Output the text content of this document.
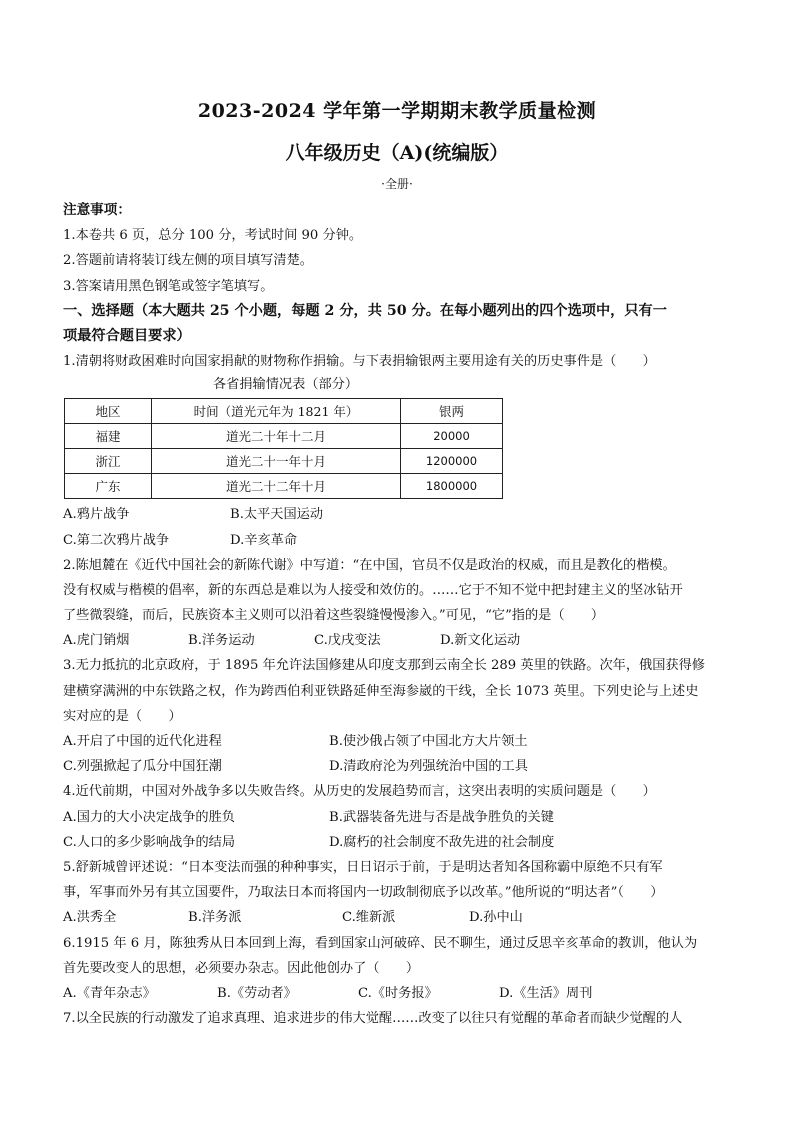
2023-2024 学年第一学期期末教学质量检测
八年级历史（A)(统编版）
·全册·
注意事项：
1.本卷共 6 页，总分 100 分，考试时间 90 分钟。
2.答题前请将装订线左侧的项目填写清楚。
3.答案请用黑色钢笔或签字笔填写。
一、选择题（本大题共 25 个小题，每题 2 分，共 50 分。在每小题列出的四个选项中，只有一
项最符合题目要求）
1.清朝将财政困难时向国家捐献的财物称作捐输。与下表捐输银两主要用途有关的历史事件是（　　）
各省捐输情况表（部分）
地区	时间（道光元年为 1821 年）	银两
福建	道光二十年十二月	20000
浙江	道光二十一年十月	1200000
广东	道光二十二年十月	1800000
A.鸦片战争	B.太平天国运动
C.第二次鸦片战争	D.辛亥革命
2.陈旭麓在《近代中国社会的新陈代谢》中写道：“在中国，官员不仅是政治的权威，而且是教化的楷模。
没有权威与楷模的倡率，新的东西总是难以为人接受和效仿的。……它于不知不觉中把封建主义的坚冰钻开
了些微裂缝，而后，民族资本主义则可以沿着这些裂缝慢慢渗入。”可见，“它”指的是（　　）
A.虎门销烟	B.洋务运动	C.戊戌变法	D.新文化运动
3.无力抵抗的北京政府，于 1895 年允许法国修建从印度支那到云南全长 289 英里的铁路。次年，俄国获得修
建横穿满洲的中东铁路之权，作为跨西伯利亚铁路延伸至海参崴的干线，全长 1073 英里。下列史论与上述史
实对应的是（　　）
A.开启了中国的近代化进程	B.使沙俄占领了中国北方大片领土
C.列强掀起了瓜分中国狂潮	D.清政府沦为列强统治中国的工具
4.近代前期，中国对外战争多以失败告终。从历史的发展趋势而言，这突出表明的实质问题是（　　）
A.国力的大小决定战争的胜负	B.武器装备先进与否是战争胜负的关键
C.人口的多少影响战争的结局	D.腐朽的社会制度不敌先进的社会制度
5.舒新城曾评述说：“日本变法而强的种种事实，日日诏示于前，于是明达者知各国称霸中原绝不只有军
事，军事而外另有其立国要件，乃取法日本而将国内一切政制彻底予以改革。”他所说的“明达者”（　　）
A.洪秀全	B.洋务派	C.维新派	D.孙中山
6.1915 年 6 月，陈独秀从日本回到上海，看到国家山河破碎、民不聊生，通过反思辛亥革命的教训，他认为
首先要改变人的思想，必须要办杂志。因此他创办了（　　）
A.《青年杂志》	B.《劳动者》	C.《时务报》	D.《生活》周刊
7.以全民族的行动激发了追求真理、追求进步的伟大觉醒……改变了以往只有觉醒的革命者而缺少觉醒的人
